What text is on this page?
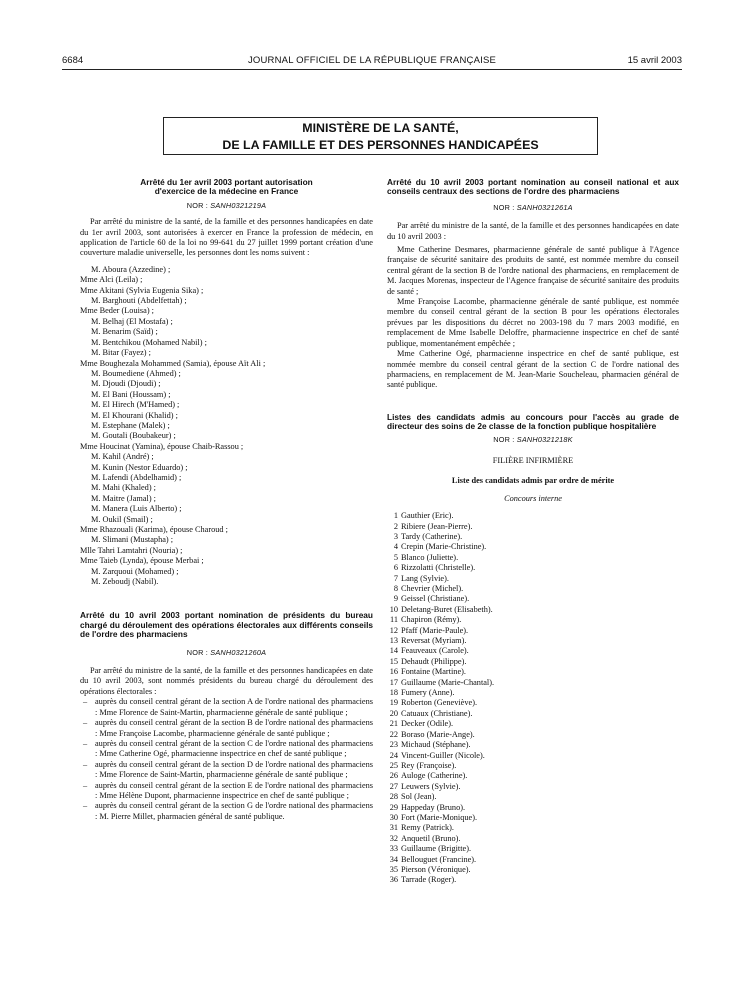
6684	JOURNAL OFFICIEL DE LA RÉPUBLIQUE FRANÇAISE	15 avril 2003
MINISTÈRE DE LA SANTÉ,
DE LA FAMILLE ET DES PERSONNES HANDICAPÉES
Arrêté du 1er avril 2003 portant autorisation
d'exercice de la médecine en France
NOR : SANH0321219A

Par arrêté du ministre de la santé, de la famille et des personnes handicapées en date du 1er avril 2003, sont autorisées à exercer en France la profession de médecin, en application de l'article 60 de la loi no 99-641 du 27 juillet 1999 portant création d'une couverture maladie universelle, les personnes dont les noms suivent :

M. Aboura (Azzedine) ;
Mme Alci (Leila) ;
Mme Akitani (Sylvia Eugenia Sika) ;
M. Barghouti (Abdelfettah) ;
Mme Beder (Louisa) ;
M. Belhaj (El Mostafa) ;
M. Benarim (Saïd) ;
M. Bentchikou (Mohamed Nabil) ;
M. Bitar (Fayez) ;
Mme Boughezala Mohammed (Samia), épouse Aït Ali ;
M. Boumediene (Ahmed) ;
M. Djoudi (Djoudi) ;
M. El Bani (Houssam) ;
M. El Hirech (M'Hamed) ;
M. El Khourani (Khalid) ;
M. Estephane (Malek) ;
M. Goutali (Boubakeur) ;
Mme Houcinat (Yamina), épouse Chaib-Rassou ;
M. Kahil (André) ;
M. Kunin (Nestor Eduardo) ;
M. Lafendi (Abdelhamid) ;
M. Mahi (Khaled) ;
M. Maitre (Jamal) ;
M. Manera (Luis Alberto) ;
M. Oukil (Smail) ;
Mme Rhazouali (Karima), épouse Charoud ;
M. Slimani (Mustapha) ;
Mlle Tahri Lamtahri (Nouria) ;
Mme Taieb (Lynda), épouse Merbai ;
M. Zarquoui (Mohamed) ;
M. Zeboudj (Nabil).
Arrêté du 10 avril 2003 portant nomination de présidents du bureau chargé du déroulement des opérations électorales aux différents conseils de l'ordre des pharmaciens
NOR : SANH0321260A

Par arrêté du ministre de la santé, de la famille et des personnes handicapées en date du 10 avril 2003, sont nommés présidents du bureau chargé du déroulement des opérations électorales :

– auprès du conseil central gérant de la section A de l'ordre national des pharmaciens : Mme Florence de Saint-Martin, pharmacienne générale de santé publique ;
– auprès du conseil central gérant de la section B de l'ordre national des pharmaciens : Mme Françoise Lacombe, pharmacienne générale de santé publique ;
– auprès du conseil central gérant de la section C de l'ordre national des pharmaciens : Mme Catherine Ogé, pharmacienne inspectrice en chef de santé publique ;
– auprès du conseil central gérant de la section D de l'ordre national des pharmaciens : Mme Florence de Saint-Martin, pharmacienne générale de santé publique ;
– auprès du conseil central gérant de la section E de l'ordre national des pharmaciens : Mme Hélène Dupont, pharmacienne inspectrice en chef de santé publique ;
– auprès du conseil central gérant de la section G de l'ordre national des pharmaciens : M. Pierre Millet, pharmacien général de santé publique.
Arrêté du 10 avril 2003 portant nomination au conseil national et aux conseils centraux des sections de l'ordre des pharmaciens
NOR : SANH0321261A

Par arrêté du ministre de la santé, de la famille et des personnes handicapées en date du 10 avril 2003 :

Mme Catherine Desmares, pharmacienne générale de santé publique à l'Agence française de sécurité sanitaire des produits de santé, est nommée membre du conseil central gérant de la section B de l'ordre national des pharmaciens, en remplacement de M. Jacques Morenas, inspecteur de l'Agence française de sécurité sanitaire des produits de santé ;

Mme Françoise Lacombe, pharmacienne générale de santé publique, est nommée membre du conseil central gérant de la section B pour les opérations électorales prévues par les dispositions du décret no 2003-198 du 7 mars 2003 modifié, en remplacement de Mme Isabelle Deloffre, pharmacienne inspectrice en chef de santé publique, momentanément empêchée ;

Mme Catherine Ogé, pharmacienne inspectrice en chef de santé publique, est nommée membre du conseil central gérant de la section C de l'ordre national des pharmaciens, en remplacement de M. Jean-Marie Soucheleau, pharmacien général de santé publique.

Listes des candidats admis au concours pour l'accès au grade de directeur des soins de 2e classe de la fonction publique hospitalière
NOR : SANH0321218K
FILIÈRE INFIRMIÈRE
Liste des candidats admis par ordre de mérite
Concours interne
1 Gauthier (Eric).
2 Ribiere (Jean-Pierre).
3 Tardy (Catherine).
4 Crepin (Marie-Christine).
5 Blanco (Juliette).
6 Rizzolatti (Christelle).
7 Lang (Sylvie).
8 Chevrier (Michel).
9 Geissel (Christiane).
10 Deletang-Buret (Elisabeth).
11 Chapiron (Rémy).
12 Pfaff (Marie-Paule).
13 Reversat (Myriam).
14 Feauveaux (Carole).
15 Dehaudt (Philippe).
16 Fontaine (Martine).
17 Guillaume (Marie-Chantal).
18 Fumery (Anne).
19 Roberton (Geneviève).
20 Catuaux (Christiane).
21 Decker (Odile).
22 Boraso (Marie-Ange).
23 Michaud (Stéphane).
24 Vincent-Guiller (Nicole).
25 Rey (Françoise).
26 Auloge (Catherine).
27 Leuwers (Sylvie).
28 Sol (Jean).
29 Happeday (Bruno).
30 Fort (Marie-Monique).
31 Remy (Patrick).
32 Anquetil (Bruno).
33 Guillaume (Brigitte).
34 Bellouguet (Francine).
35 Pierson (Véronique).
36 Tarrade (Roger).
